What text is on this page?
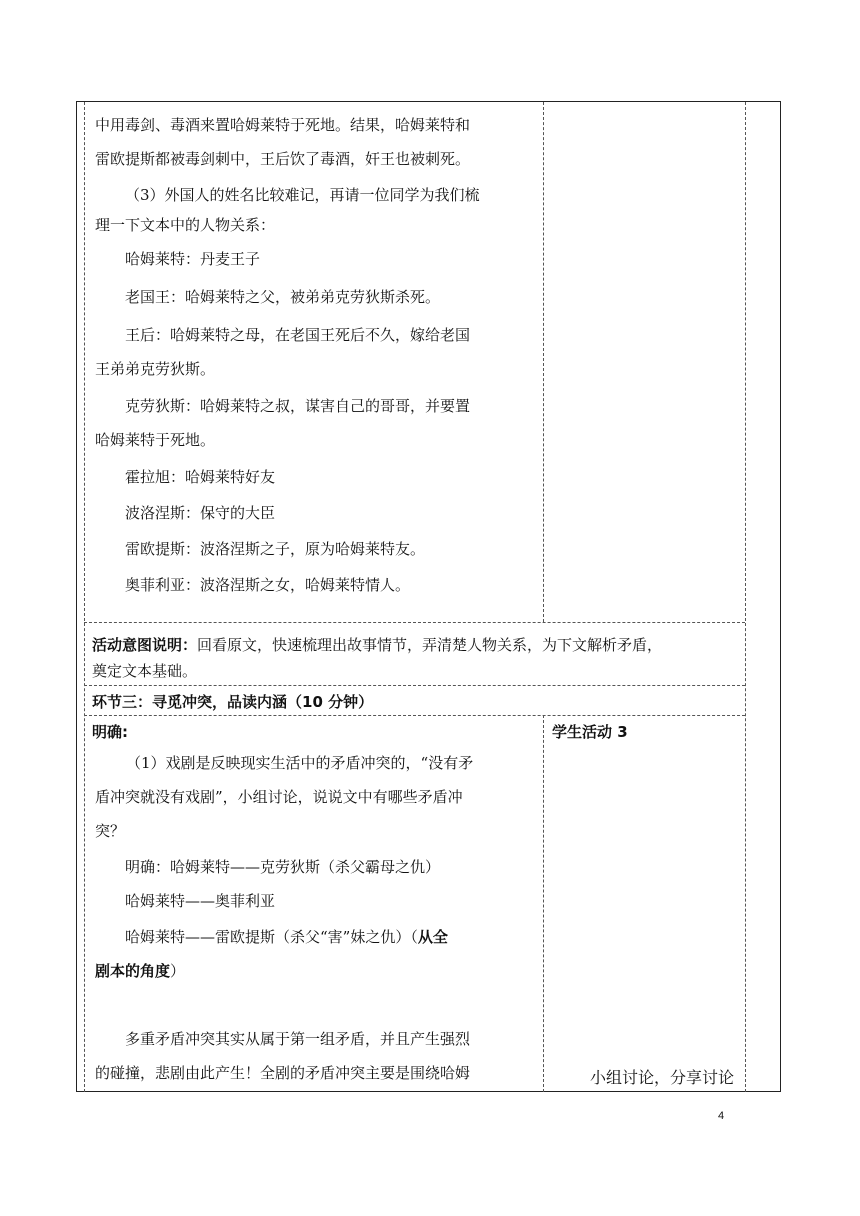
中用毒剑、毒酒来置哈姆莱特于死地。结果，哈姆莱特和

雷欧提斯都被毒剑刺中，王后饮了毒酒，奸王也被刺死。

（3）外国人的姓名比较难记，再请一位同学为我们梳

理一下文本中的人物关系：

哈姆莱特：丹麦王子

老国王：哈姆莱特之父，被弟弟克劳狄斯杀死。

王后：哈姆莱特之母，在老国王死后不久，嫁给老国

王弟弟克劳狄斯。

克劳狄斯：哈姆莱特之叔，谋害自己的哥哥，并要置

哈姆莱特于死地。

霍拉旭：哈姆莱特好友

波洛涅斯：保守的大臣

雷欧提斯：波洛涅斯之子，原为哈姆莱特友。

奥菲利亚：波洛涅斯之女，哈姆莱特情人。

活动意图说明：回看原文，快速梳理出故事情节，弄清楚人物关系，为下文解析矛盾，
奠定文本基础。
环节三：寻觅冲突，品读内涵（10 分钟）

明确:

（1）戏剧是反映现实生活中的矛盾冲突的，“没有矛

盾冲突就没有戏剧”，小组讨论，说说文中有哪些矛盾冲

突？

明确：哈姆莱特——克劳狄斯（杀父霸母之仇）

哈姆莱特——奥菲利亚

哈姆莱特——雷欧提斯（杀父“害”妹之仇）（从全

剧本的角度）

多重矛盾冲突其实从属于第一组矛盾，并且产生强烈

的碰撞，悲剧由此产生！全剧的矛盾冲突主要是围绕哈姆

学生活动 3
小组讨论，分享讨论
4
